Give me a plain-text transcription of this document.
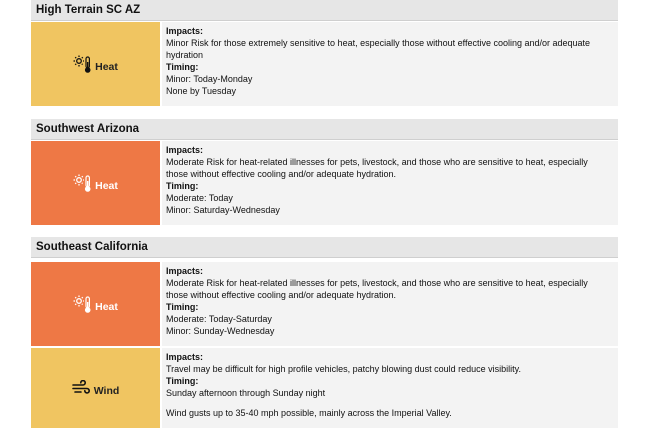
High Terrain SC AZ
Heat

Impacts:

Minor Risk for those extremely sensitive to heat, especially those without effective cooling and/or adequate hydration

Timing:

Minor: Today-Monday

None by Tuesday

Southwest Arizona
Heat

Impacts:

Moderate Risk for heat-related illnesses for pets, livestock, and those who are sensitive to heat, especially those without effective cooling and/or adequate hydration.

Timing:

Moderate: Today

Minor: Saturday-Wednesday

Southeast California
Heat

Impacts:

Moderate Risk for heat-related illnesses for pets, livestock, and those who are sensitive to heat, especially those without effective cooling and/or adequate hydration.

Timing:

Moderate: Today-Saturday

Minor: Sunday-Wednesday

Wind

Impacts:

Travel may be difficult for high profile vehicles, patchy blowing dust could reduce visibility.

Timing:

Sunday afternoon through Sunday night

Wind gusts up to 35-40 mph possible, mainly across the Imperial Valley.
